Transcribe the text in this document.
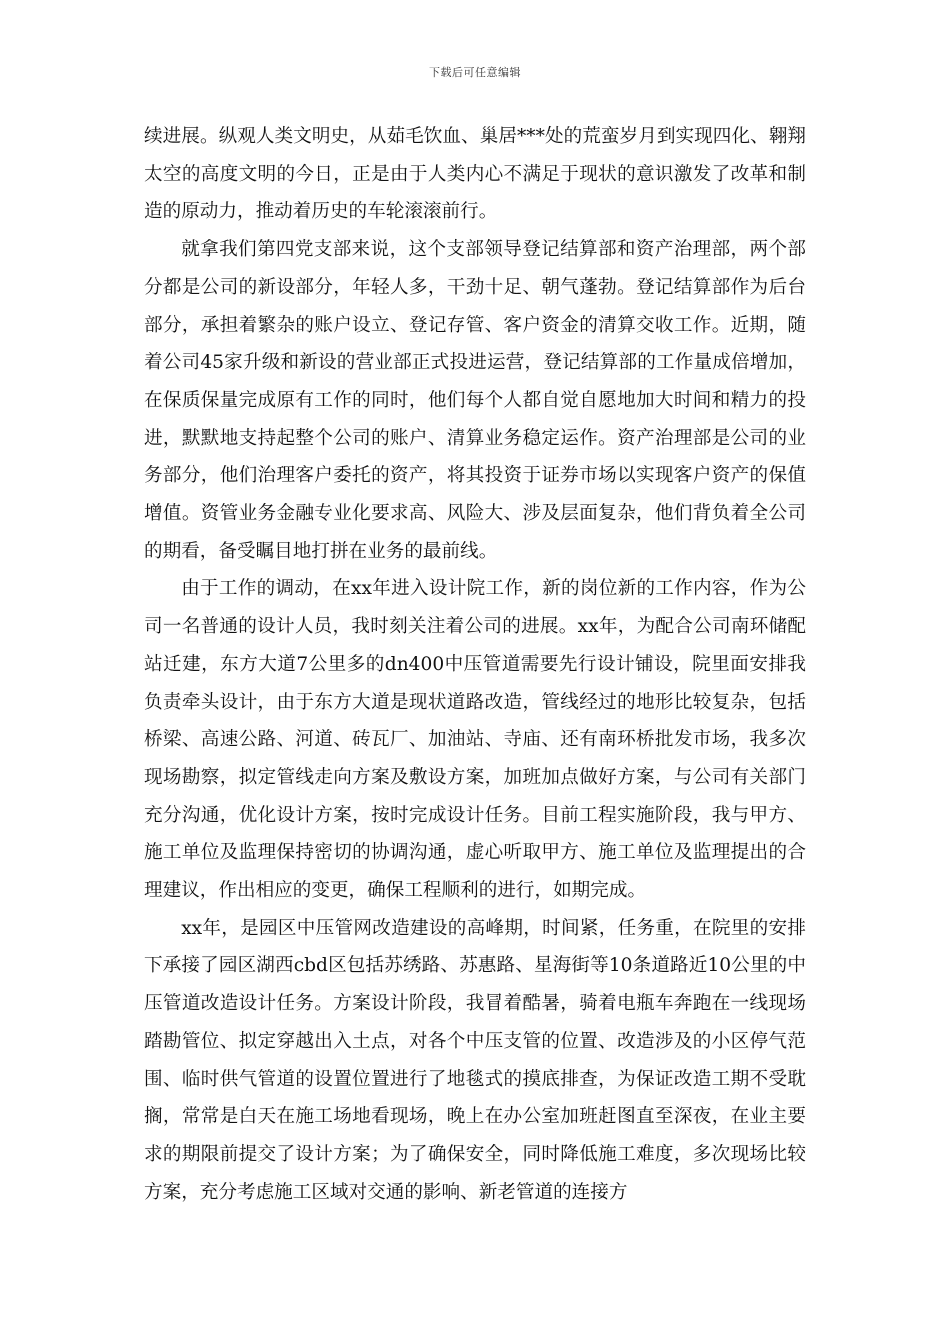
下载后可任意编辑

续进展。纵观人类文明史，从茹毛饮血、巢居***处的荒蛮岁月到实现四化、翱翔太空的高度文明的今日，正是由于人类内心不满足于现状的意识激发了改革和制造的原动力，推动着历史的车轮滚滚前行。

就拿我们第四党支部来说，这个支部领导登记结算部和资产治理部，两个部分都是公司的新设部分，年轻人多，干劲十足、朝气蓬勃。登记结算部作为后台部分，承担着繁杂的账户设立、登记存管、客户资金的清算交收工作。近期，随着公司45家升级和新设的营业部正式投进运营，登记结算部的工作量成倍增加，在保质保量完成原有工作的同时，他们每个人都自觉自愿地加大时间和精力的投进，默默地支持起整个公司的账户、清算业务稳定运作。资产治理部是公司的业务部分，他们治理客户委托的资产，将其投资于证券市场以实现客户资产的保值增值。资管业务金融专业化要求高、风险大、涉及层面复杂，他们背负着全公司的期看，备受瞩目地打拼在业务的最前线。

由于工作的调动，在xx年进入设计院工作，新的岗位新的工作内容，作为公司一名普通的设计人员，我时刻关注着公司的进展。xx年，为配合公司南环储配站迁建，东方大道7公里多的dn400中压管道需要先行设计铺设，院里面安排我负责牵头设计，由于东方大道是现状道路改造，管线经过的地形比较复杂，包括桥梁、高速公路、河道、砖瓦厂、加油站、寺庙、还有南环桥批发市场，我多次现场勘察，拟定管线走向方案及敷设方案，加班加点做好方案，与公司有关部门充分沟通，优化设计方案，按时完成设计任务。目前工程实施阶段，我与甲方、施工单位及监理保持密切的协调沟通，虚心听取甲方、施工单位及监理提出的合理建议，作出相应的变更，确保工程顺利的进行，如期完成。

xx年，是园区中压管网改造建设的高峰期，时间紧，任务重，在院里的安排下承接了园区湖西cbd区包括苏绣路、苏惠路、星海街等10条道路近10公里的中压管道改造设计任务。方案设计阶段，我冒着酷暑，骑着电瓶车奔跑在一线现场踏勘管位、拟定穿越出入土点，对各个中压支管的位置、改造涉及的小区停气范围、临时供气管道的设置位置进行了地毯式的摸底排查，为保证改造工期不受耽搁，常常是白天在施工场地看现场，晚上在办公室加班赶图直至深夜，在业主要求的期限前提交了设计方案；为了确保安全，同时降低施工难度，多次现场比较方案，充分考虑施工区域对交通的影响、新老管道的连接方
